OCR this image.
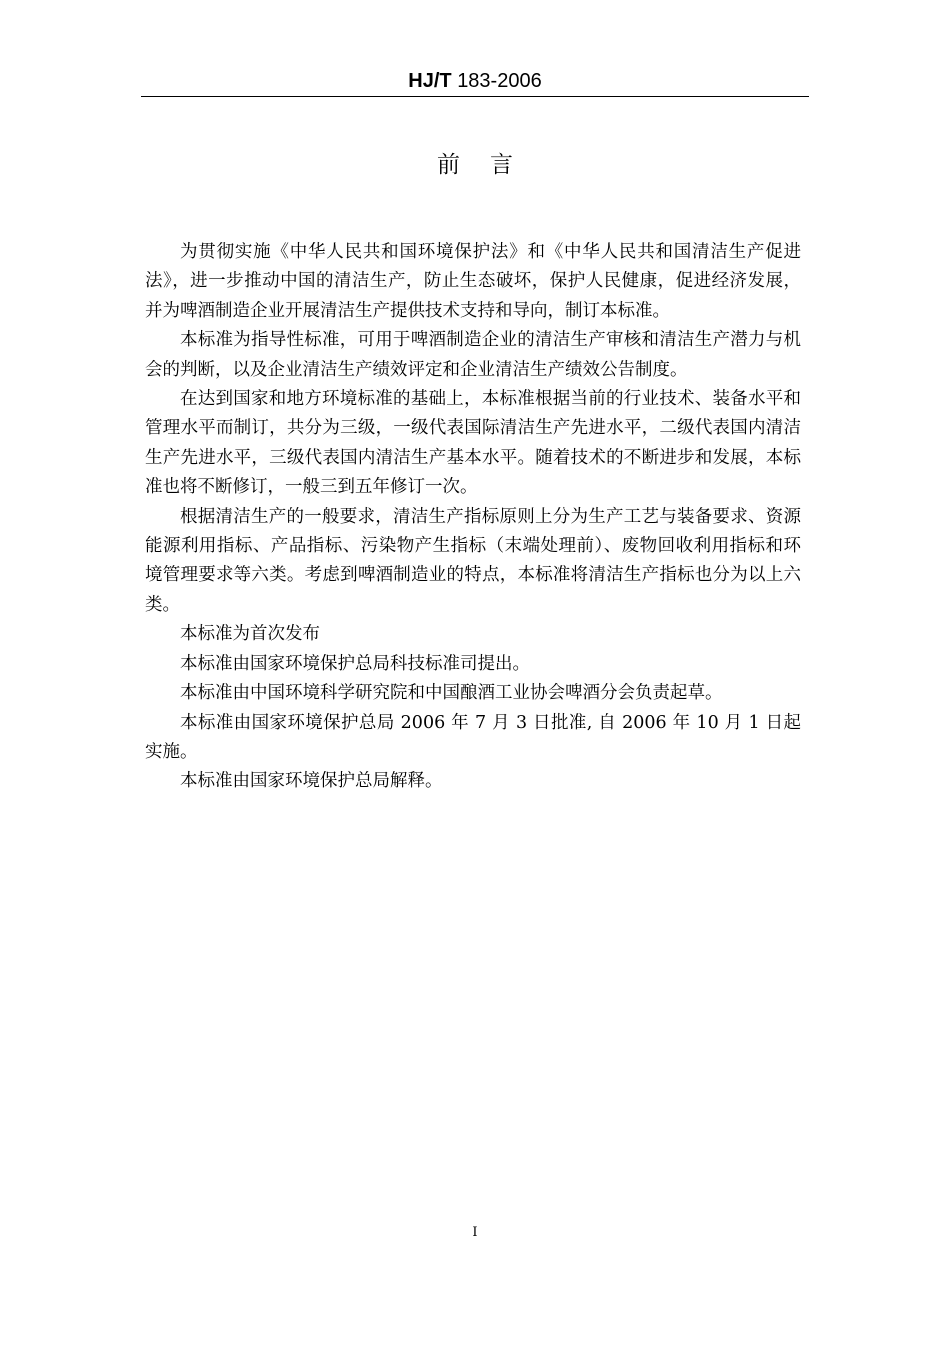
HJ/T 183-2006
前言

为贯彻实施《中华人民共和国环境保护法》和《中华人民共和国清洁生产促进法》，进一步推动中国的清洁生产，防止生态破坏，保护人民健康，促进经济发展，并为啤酒制造企业开展清洁生产提供技术支持和导向，制订本标准。

本标准为指导性标准，可用于啤酒制造企业的清洁生产审核和清洁生产潜力与机会的判断，以及企业清洁生产绩效评定和企业清洁生产绩效公告制度。

在达到国家和地方环境标准的基础上，本标准根据当前的行业技术、装备水平和管理水平而制订，共分为三级，一级代表国际清洁生产先进水平，二级代表国内清洁生产先进水平，三级代表国内清洁生产基本水平。随着技术的不断进步和发展，本标准也将不断修订，一般三到五年修订一次。

根据清洁生产的一般要求，清洁生产指标原则上分为生产工艺与装备要求、资源能源利用指标、产品指标、污染物产生指标（末端处理前）、废物回收利用指标和环境管理要求等六类。考虑到啤酒制造业的特点，本标准将清洁生产指标也分为以上六类。

本标准为首次发布

本标准由国家环境保护总局科技标准司提出。

本标准由中国环境科学研究院和中国酿酒工业协会啤酒分会负责起草。

本标准由国家环境保护总局 2006 年 7 月 3 日批准, 自 2006 年 10 月 1 日起实施。

本标准由国家环境保护总局解释。

I
